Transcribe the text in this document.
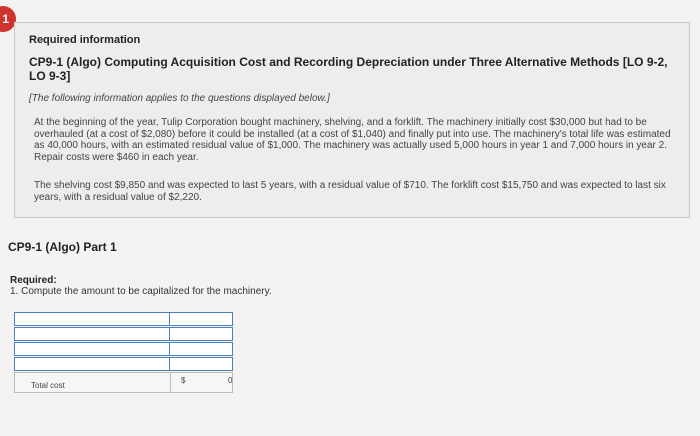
1
Required information
CP9-1 (Algo) Computing Acquisition Cost and Recording Depreciation under Three Alternative Methods [LO 9-2, LO 9-3]
[The following information applies to the questions displayed below.]
At the beginning of the year, Tulip Corporation bought machinery, shelving, and a forklift. The machinery initially cost $30,000 but had to be overhauled (at a cost of $2,080) before it could be installed (at a cost of $1,040) and finally put into use. The machinery's total life was estimated as 40,000 hours, with an estimated residual value of $1,000. The machinery was actually used 5,000 hours in year 1 and 7,000 hours in year 2. Repair costs were $460 in each year.
The shelving cost $9,850 and was expected to last 5 years, with a residual value of $710. The forklift cost $15,750 and was expected to last six years, with a residual value of $2,220.
CP9-1 (Algo) Part 1
Required:
1. Compute the amount to be capitalized for the machinery.
Total cost
$	0
